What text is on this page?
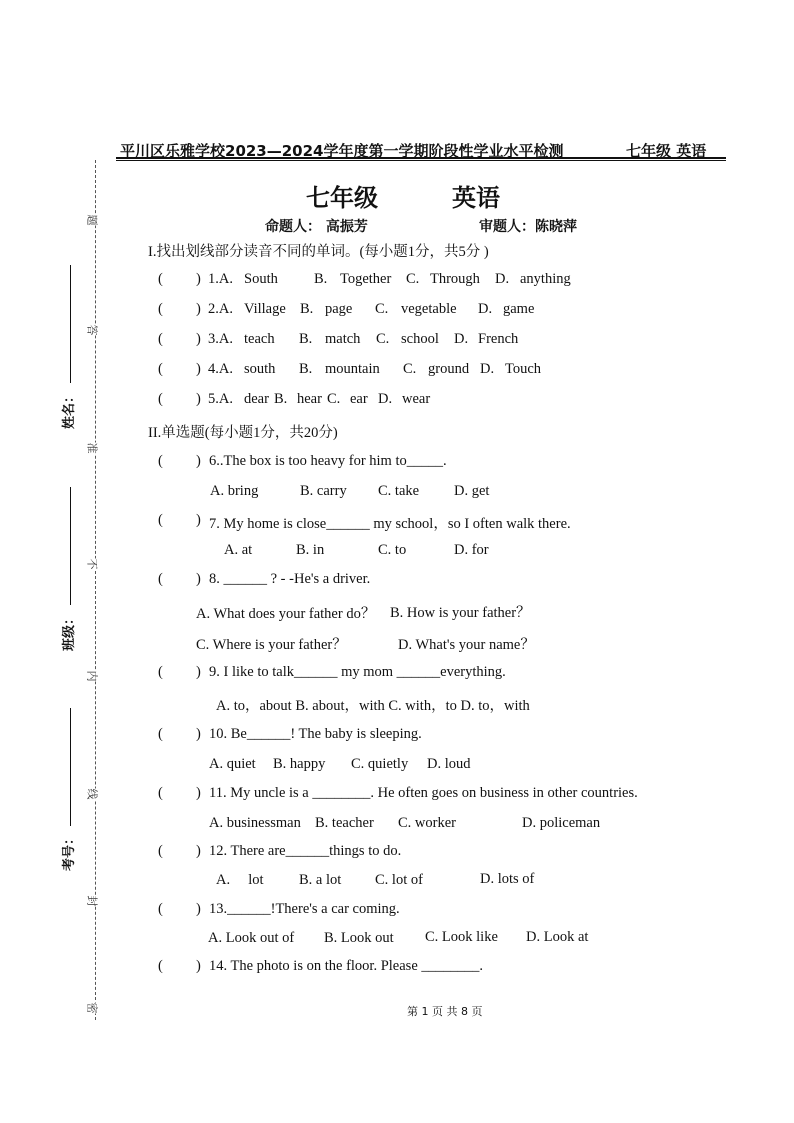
平川区乐雅学校2023—2024学年度第一学期阶段性学业水平检测	七年级 英语
七年级	英语
命题人： 高振芳	审题人：陈晓萍
I.找出划线部分读音不同的单词。(每小题1分，共5分 )
( ) 1.A. South B. Together C. Through D. anything
( ) 2.A. Village B. page C. vegetable D. game
( ) 3.A. teach B. match C. school D. French
( ) 4.A. south B. mountain C. ground D. Touch
( ) 5.A. dear B. hear C. ear D. wear
II.单选题(每小题1分，共20分)
( ) 6..The box is too heavy for him to_____.
A. bring	B. carry C. take D. get
( ) 7. My home is close______ my school，so I often walk there.
A. at	B. in	C. to	D. for
( ) 8. ______ ? - -He's a driver.
A. What does your father do？ B. How is your father？
C. Where is your father？	D. What's your name？
( ) 9. I like to talk______ my mom ______everything.
A. to，about B. about，with C. with，to D. to，with
( ) 10. Be______! The baby is sleeping.
A. quiet B. happy C. quietly D. loud
( ) 11. My uncle is a ________. He often goes on business in other countries.
A. businessman B. teacher C. worker	D. policeman
( ) 12. There are______things to do.
A.     lot B. a lot C. lot of	D. lots of
( ) 13.______!There's a car coming.
A. Look out of B. Look out C. Look like D. Look at
( ) 14. The photo is on the floor. Please ________.
题
答
准
不
内
线
封
密
姓名：
班级：
考号：
第 1 页 共 8 页
